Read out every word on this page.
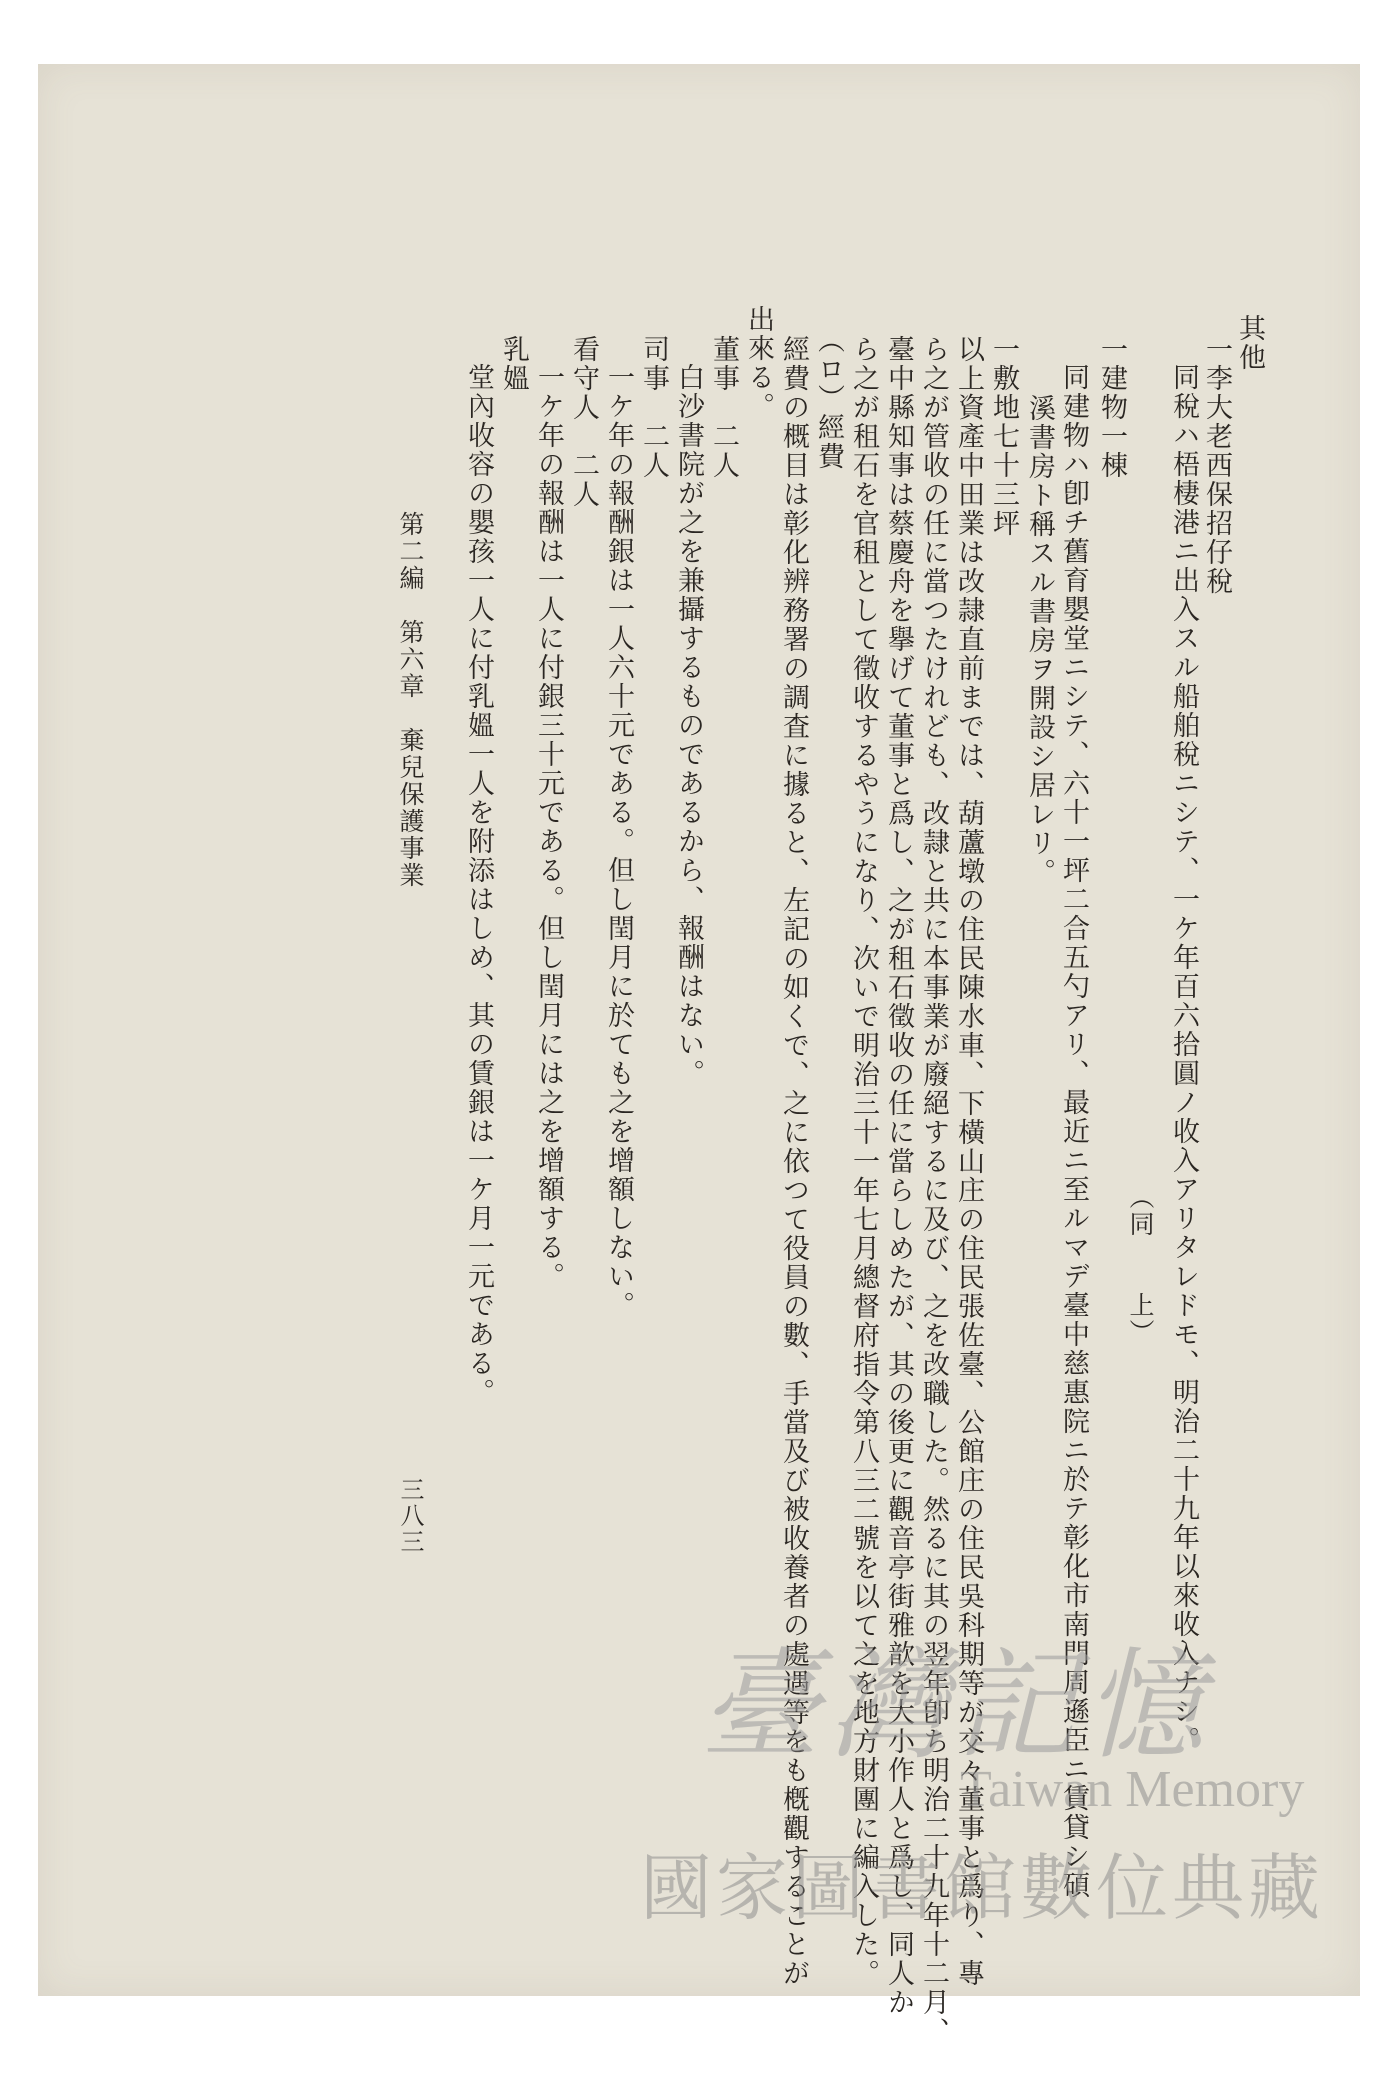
其他
一李大老西保招仔稅
同稅ハ梧棲港ニ出入スル船舶稅ニシテ、一ケ年百六拾圓ノ收入アリタレドモ、明治二十九年以來收入ナシ。
（同　　上）
一建物一棟
同建物ハ卽チ舊育嬰堂ニシテ、六十一坪二合五勺アリ、最近ニ至ルマデ臺中慈惠院ニ於テ彰化市南門周遜臣ニ賃貸シ碩
溪書房ト稱スル書房ヲ開設シ居レリ。
一敷地七十三坪
以上資產中田業は改隷直前までは、葫蘆墩の住民陳水車、下橫山庄の住民張佐臺、公館庄の住民吳科期等が交々董事と爲り、專
ら之が管收の任に當つたけれども、改隷と共に本事業が廢絕するに及び、之を改職した。然るに其の翌年卽ち明治二十九年十二月、
臺中縣知事は蔡慶舟を擧げて董事と爲し、之が租石徵收の任に當らしめたが、其の後更に觀音亭街雅歆を大小作人と爲し、同人か
ら之が租石を官租として徵收するやうになり、次いで明治三十一年七月總督府指令第八三二號を以て之を地方財團に編入した。
（ロ）經費
經費の概目は彰化辨務署の調査に據ると、左記の如くで、之に依つて役員の數、手當及び被收養者の處遇等をも槪觀することが
出來る。
董事　二人
白沙書院が之を兼攝するものであるから、報酬はない。
司事　二人
一ケ年の報酬銀は一人六十元である。但し閏月に於ても之を增額しない。
看守人　二人
一ケ年の報酬は一人に付銀三十元である。但し閏月には之を增額する。
乳媼
堂內收容の嬰孩一人に付乳媼一人を附添はしめ、其の賃銀は一ケ月一元である。
第二編　第六章　棄兒保護事業
三八三
臺灣記憶
Taiwan Memory
國家圖書館數位典藏
